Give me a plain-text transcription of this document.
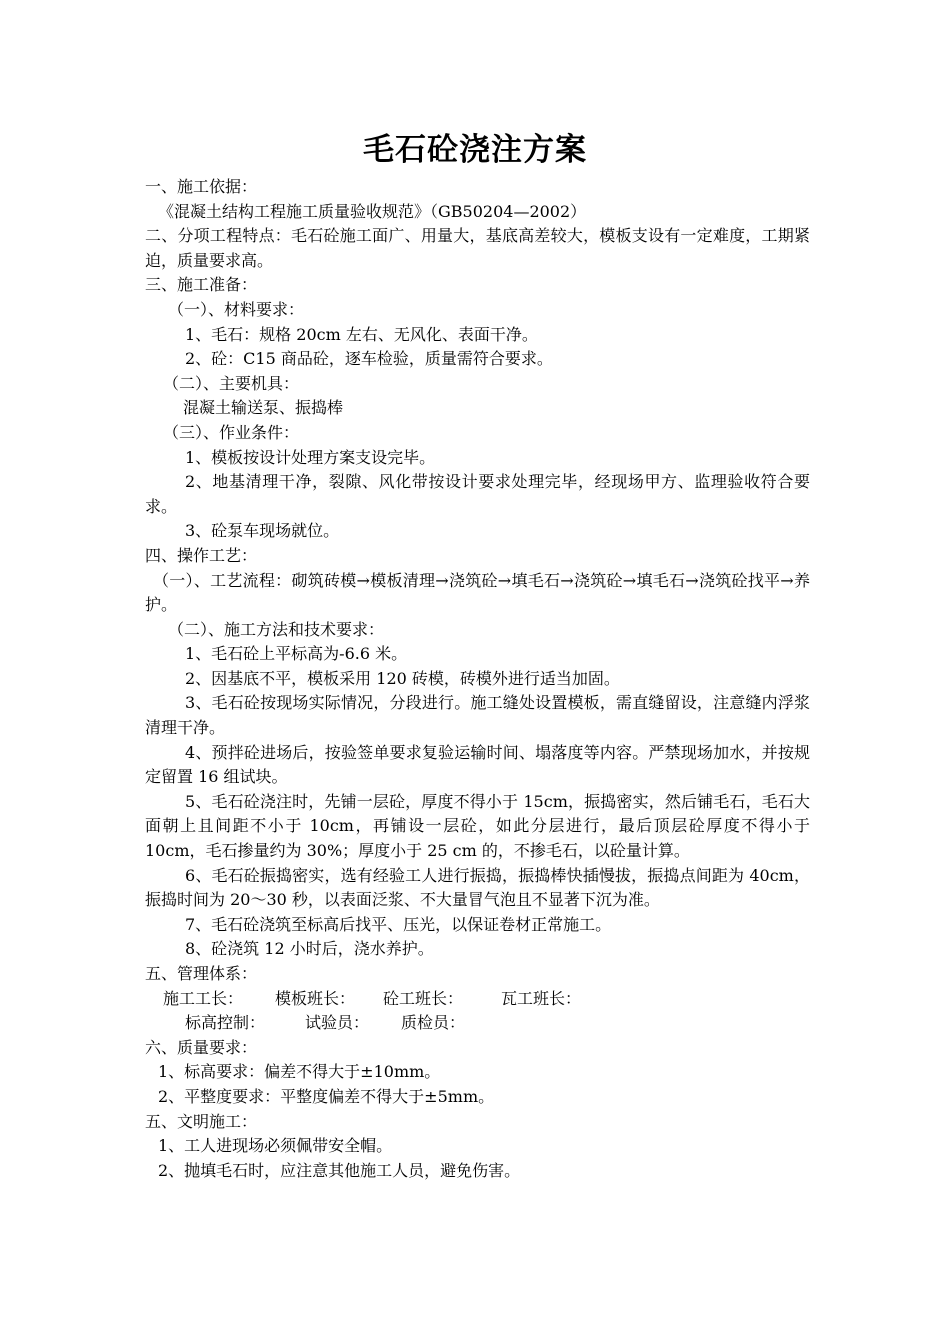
毛石砼浇注方案
一、施工依据：
《混凝土结构工程施工质量验收规范》（GB50204—2002）
二、分项工程特点：毛石砼施工面广、用量大，基底高差较大，模板支设有一定难度，工期紧迫，质量要求高。
三、施工准备：
（一）、材料要求：
1、毛石：规格 20cm 左右、无风化、表面干净。
2、砼：C15 商品砼，逐车检验，质量需符合要求。
（二）、主要机具：
混凝土输送泵、振捣棒
（三）、作业条件：
1、模板按设计处理方案支设完毕。
2、地基清理干净，裂隙、风化带按设计要求处理完毕，经现场甲方、监理验收符合要求。
3、砼泵车现场就位。
四、操作工艺：
（一）、工艺流程：砌筑砖模→模板清理→浇筑砼→填毛石→浇筑砼→填毛石→浇筑砼找平→养护。
（二）、施工方法和技术要求：
1、毛石砼上平标高为-6.6 米。
2、因基底不平，模板采用 120 砖模，砖模外进行适当加固。
3、毛石砼按现场实际情况，分段进行。施工缝处设置模板，需直缝留设，注意缝内浮浆清理干净。
4、预拌砼进场后，按验签单要求复验运输时间、塌落度等内容。严禁现场加水，并按规定留置 16 组试块。
5、毛石砼浇注时，先铺一层砼，厚度不得小于 15cm，振捣密实，然后铺毛石，毛石大面朝上且间距不小于 10cm，再铺设一层砼，如此分层进行，最后顶层砼厚度不得小于 10cm，毛石掺量约为 30%；厚度小于 25 cm 的，不掺毛石，以砼量计算。
6、毛石砼振捣密实，选有经验工人进行振捣，振捣棒快插慢拔，振捣点间距为 40cm，振捣时间为 20～30 秒，以表面泛浆、不大量冒气泡且不显著下沉为准。
7、毛石砼浇筑至标高后找平、压光，以保证卷材正常施工。
8、砼浇筑 12 小时后，浇水养护。
五、管理体系：
施工工长： 模板班长： 砼工班长： 瓦工班长：
标高控制：	试验员： 质检员：
六、质量要求：
1、标高要求：偏差不得大于±10mm。
2、平整度要求：平整度偏差不得大于±5mm。
五、文明施工：
1、工人进现场必须佩带安全帽。
2、抛填毛石时，应注意其他施工人员，避免伤害。
